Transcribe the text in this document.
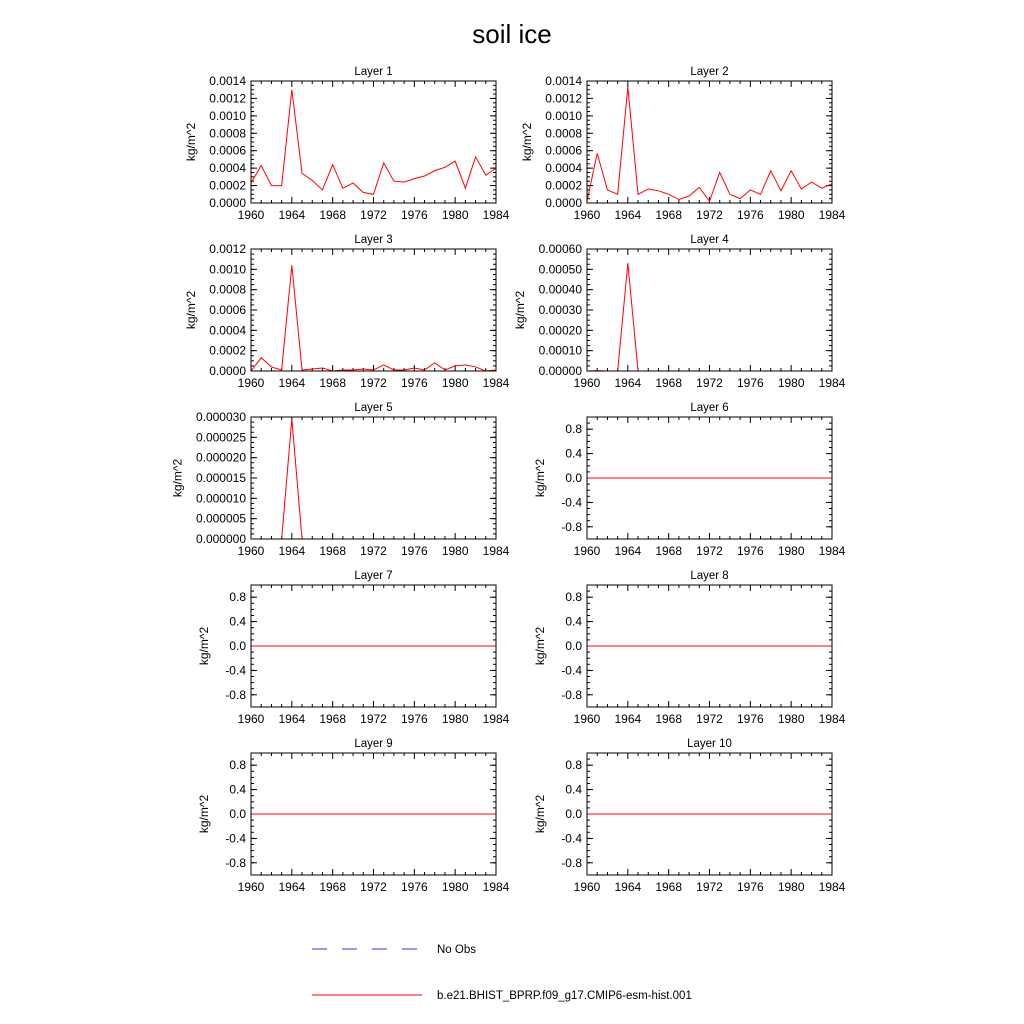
soil ice
Layer 1
1960 1964 1968 1972 1976 1980 1984
0.0000
0.0002
0.0004
0.0006
0.0008
0.0010
0.0012
0.0014
kg/m^2
Layer 2
1960 1964 1968 1972 1976 1980 1984
0.0000
0.0002
0.0004
0.0006
0.0008
0.0010
0.0012
0.0014
kg/m^2
Layer 3
1960 1964 1968 1972 1976 1980 1984
0.0000
0.0002
0.0004
0.0006
0.0008
0.0010
0.0012
kg/m^2
Layer 4
1960 1964 1968 1972 1976 1980 1984
0.00000
0.00010
0.00020
0.00030
0.00040
0.00050
0.00060
kg/m^2
Layer 5
1960 1964 1968 1972 1976 1980 1984
0.000000
0.000005
0.000010
0.000015
0.000020
0.000025
0.000030
kg/m^2
Layer 6
1960 1964 1968 1972 1976 1980 1984
-0.8
-0.4
0.0
0.4
0.8
kg/m^2
Layer 7
1960 1964 1968 1972 1976 1980 1984
-0.8
-0.4
0.0
0.4
0.8
kg/m^2
Layer 8
1960 1964 1968 1972 1976 1980 1984
-0.8
-0.4
0.0
0.4
0.8
kg/m^2
Layer 9
1960 1964 1968 1972 1976 1980 1984
-0.8
-0.4
0.0
0.4
0.8
kg/m^2
Layer 10
1960 1964 1968 1972 1976 1980 1984
-0.8
-0.4
0.0
0.4
0.8
kg/m^2
No Obs
b.e21.BHIST_BPRP.f09_g17.CMIP6-esm-hist.001
